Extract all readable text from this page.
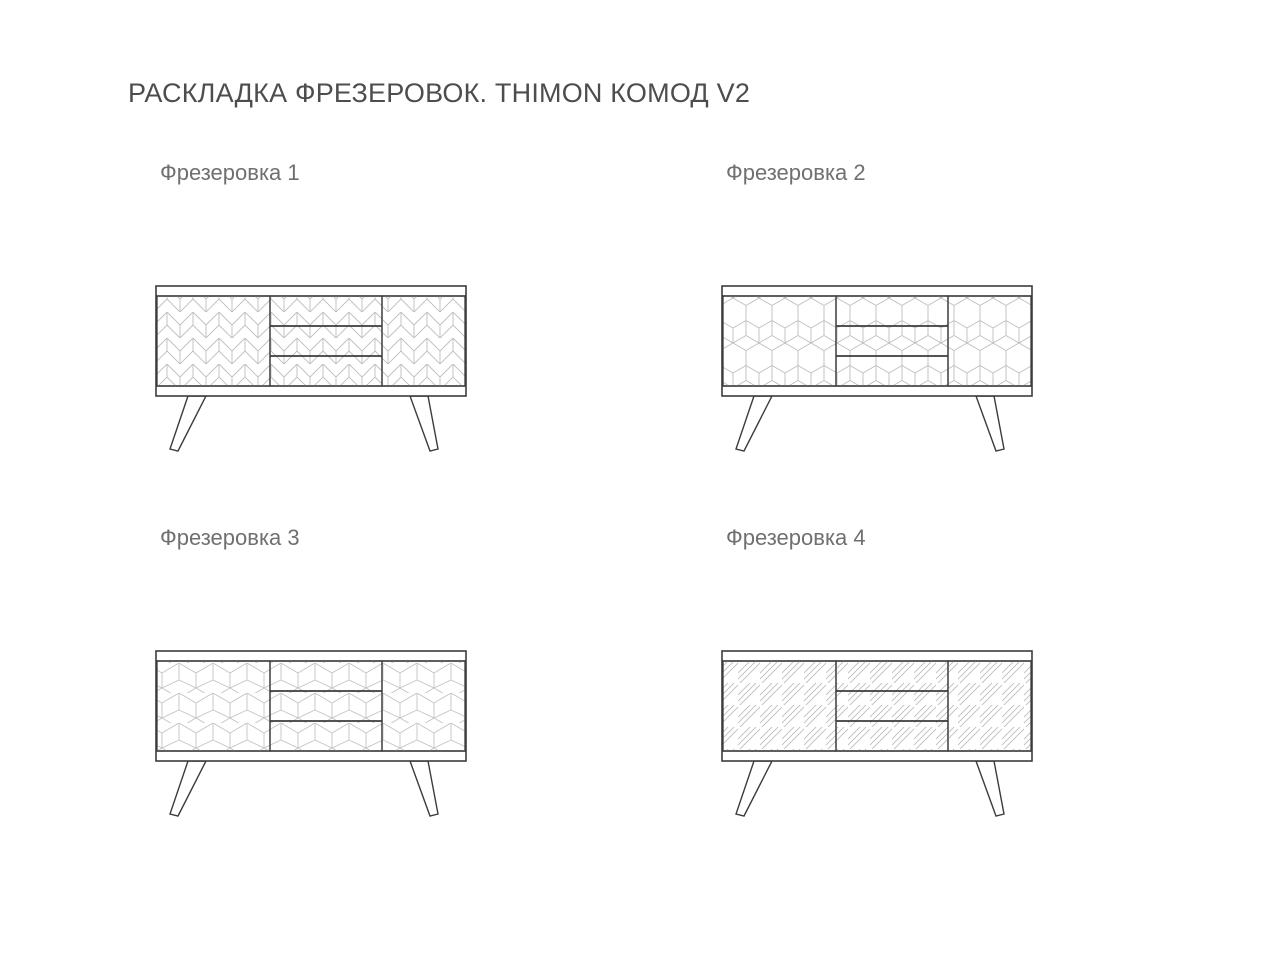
РАСКЛАДКА ФРЕЗЕРОВОК. THIMON КОМОД V2
Фрезеровка 1	Фрезеровка 2
Фрезеровка 3	Фрезеровка 4
